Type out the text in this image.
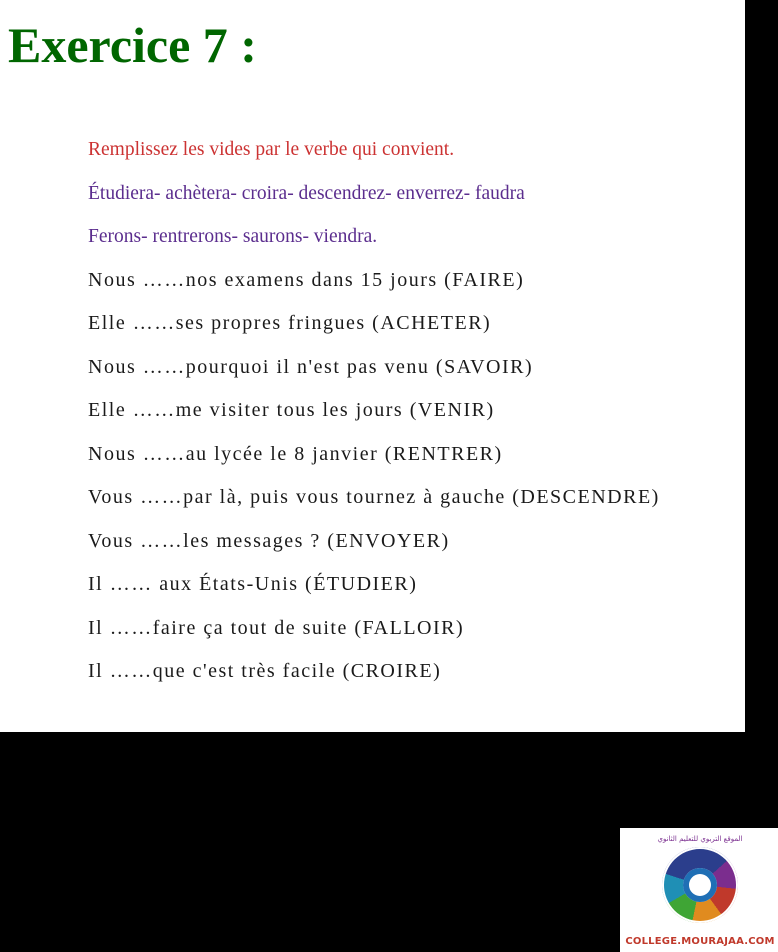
Exercice 7 :
Remplissez les vides par le verbe qui convient.
Étudiera- achètera- croira- descendrez- enverrez- faudra
Ferons- rentrerons- saurons- viendra.
Nous ……nos examens dans 15 jours (FAIRE)
Elle ……ses propres fringues (ACHETER)
Nous ……pourquoi il n'est pas venu (SAVOIR)
Elle ……me visiter tous les jours (VENIR)
Nous ……au lycée le 8 janvier (RENTRER)
Vous ……par là, puis vous tournez à gauche (DESCENDRE)
Vous ……les messages ? (ENVOYER)
Il …… aux États-Unis (ÉTUDIER)
Il ……faire ça tout de suite (FALLOIR)
Il ……que c'est très facile (CROIRE)
الموقع التربوي للتعليم الثانوي
COLLEGE.MOURAJAA.COM
